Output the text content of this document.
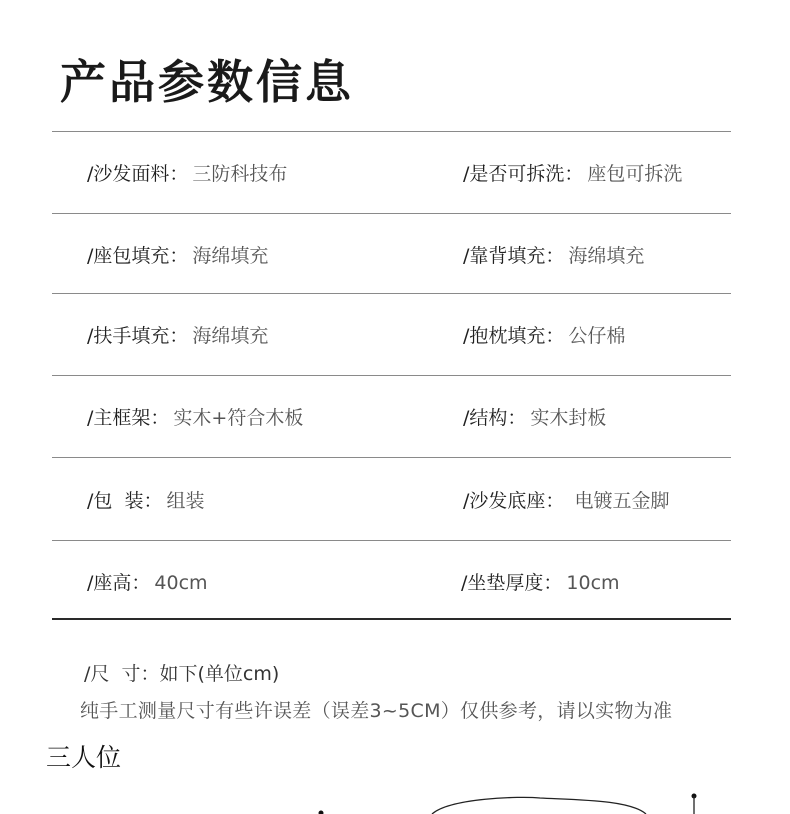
产品参数信息
/沙发面料： 三防科技布	/是否可拆洗： 座包可拆洗
/座包填充： 海绵填充	/靠背填充： 海绵填充
/扶手填充： 海绵填充	/抱枕填充： 公仔棉
/主框架： 实木+符合木板	/结构： 实木封板
/包  装： 组装	/沙发底座： 电镀五金脚
/座高： 40cm	/坐垫厚度： 10cm
/尺  寸：如下(单位cm)
纯手工测量尺寸有些许误差（误差3~5CM）仅供参考，请以实物为准
三人位
